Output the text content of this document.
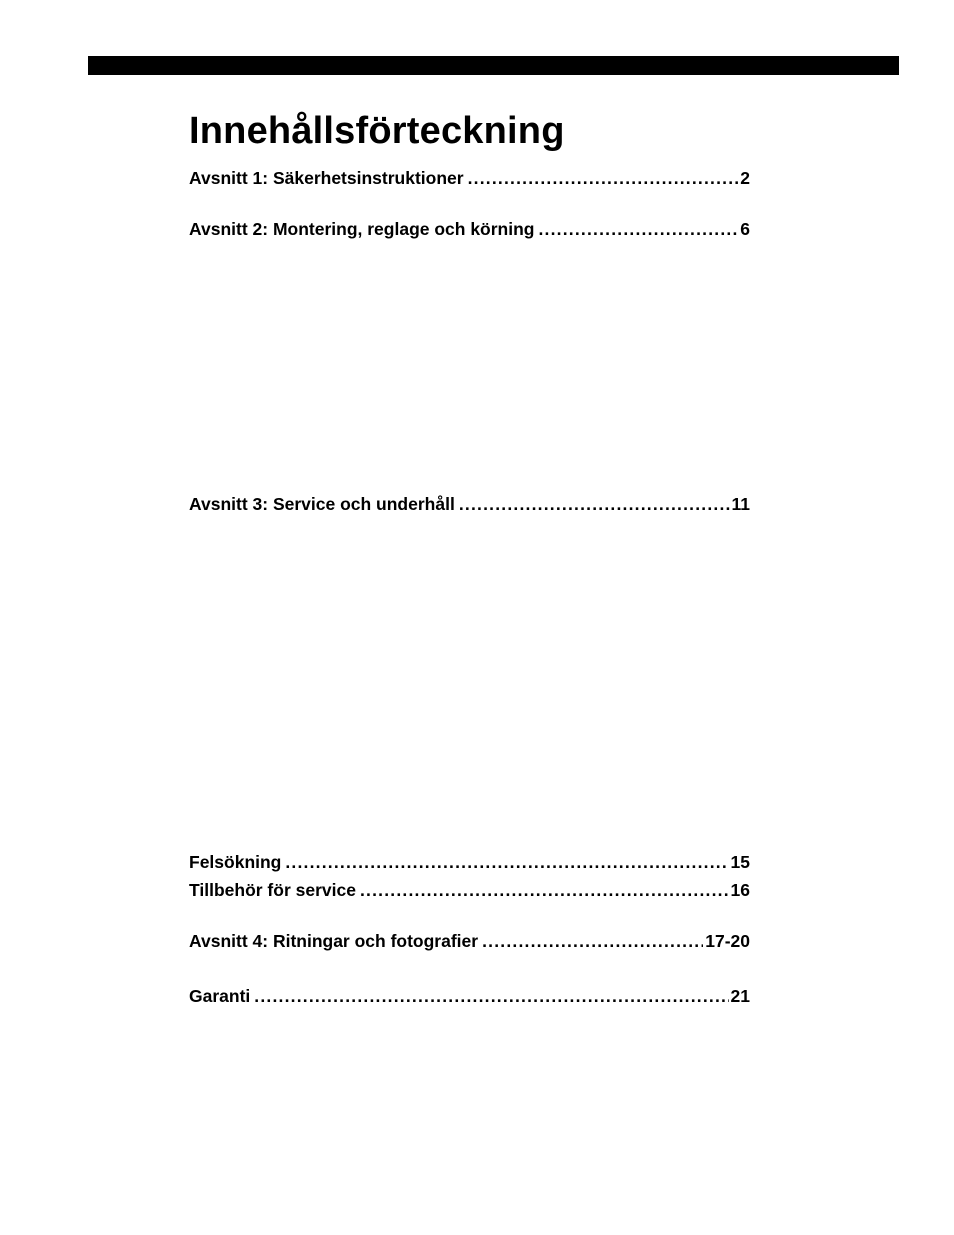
Innehållsförteckning
Avsnitt 1: Säkerhetsinstruktioner .....	2
Avsnitt 2: Montering, reglage och körning .....	6
Avsnitt 3: Service och underhåll .....	11
Felsökning .....	15
Tillbehör för service .....	16
Avsnitt 4: Ritningar och fotografier .....	17-20
Garanti .....	21
